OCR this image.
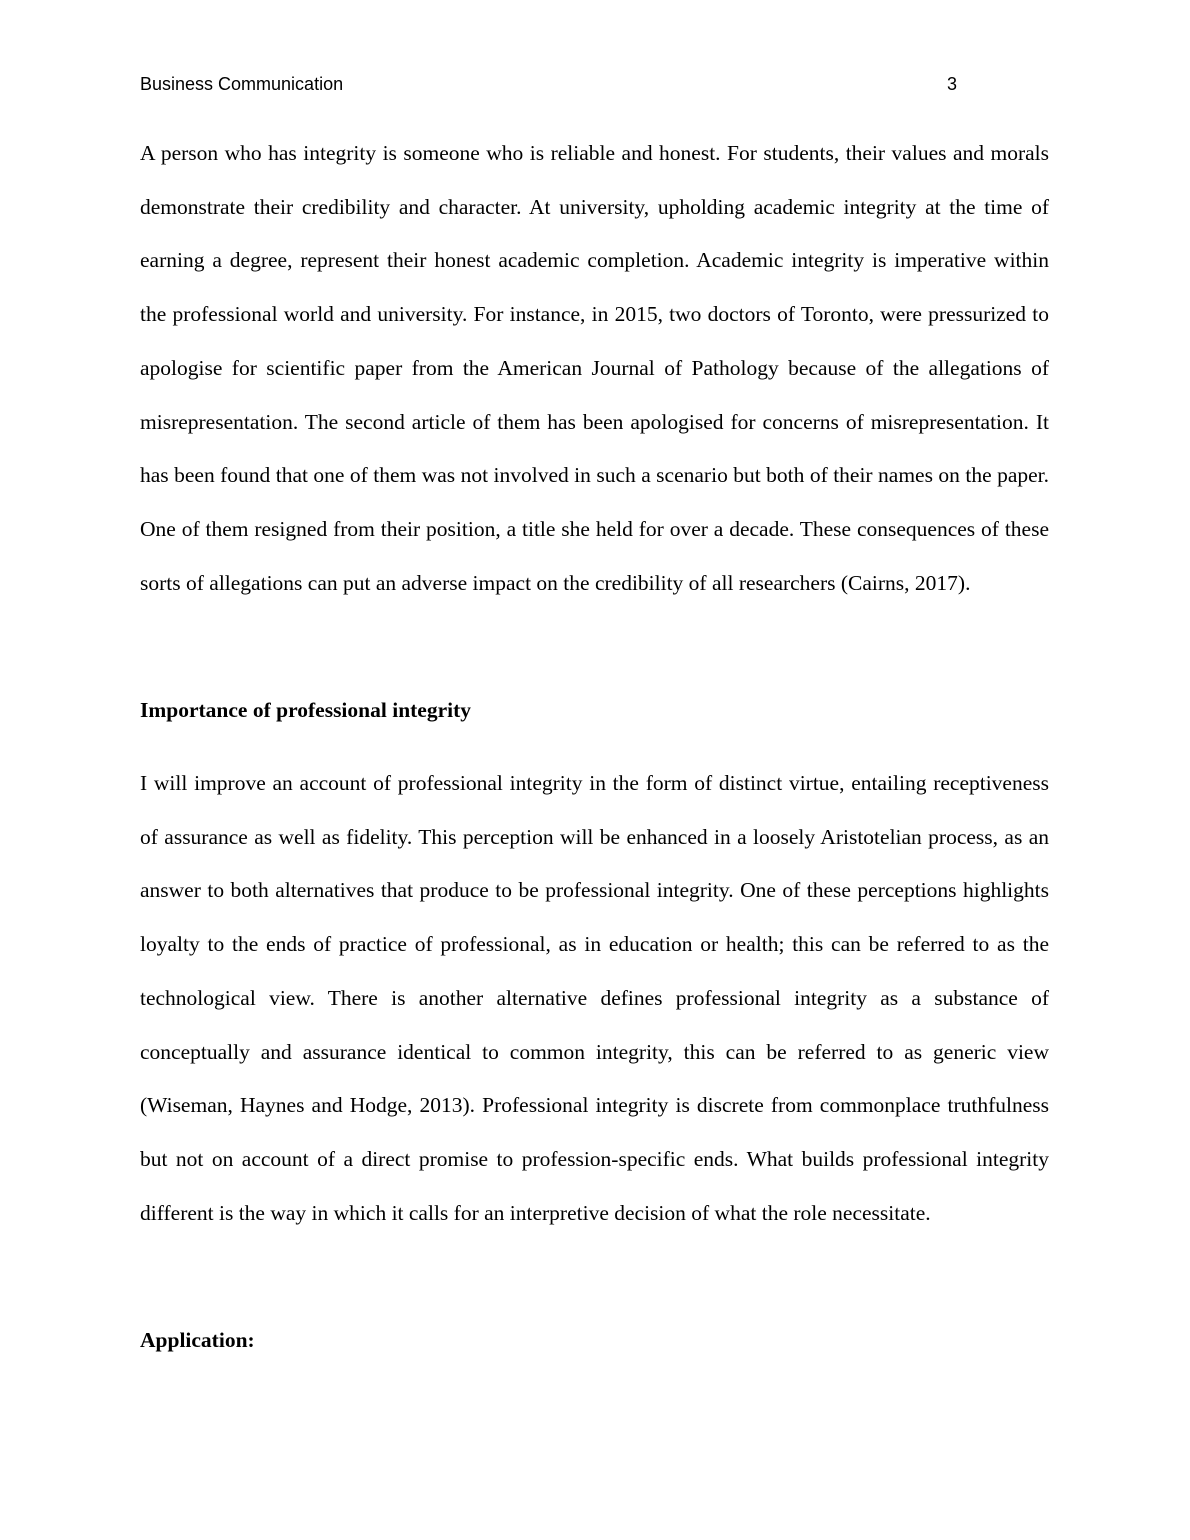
Business Communication	3

A person who has integrity is someone who is reliable and honest. For students, their values and morals demonstrate their credibility and character. At university, upholding academic integrity at the time of earning a degree, represent their honest academic completion. Academic integrity is imperative within the professional world and university. For instance, in 2015, two doctors of Toronto, were pressurized to apologise for scientific paper from the American Journal of Pathology because of the allegations of misrepresentation. The second article of them has been apologised for concerns of misrepresentation. It has been found that one of them was not involved in such a scenario but both of their names on the paper. One of them resigned from their position, a title she held for over a decade. These consequences of these sorts of allegations can put an adverse impact on the credibility of all researchers (Cairns, 2017).

Importance of professional integrity

I will improve an account of professional integrity in the form of distinct virtue, entailing receptiveness of assurance as well as fidelity. This perception will be enhanced in a loosely Aristotelian process, as an answer to both alternatives that produce to be professional integrity. One of these perceptions highlights loyalty to the ends of practice of professional, as in education or health; this can be referred to as the technological view. There is another alternative defines professional integrity as a substance of conceptually and assurance identical to common integrity, this can be referred to as generic view (Wiseman, Haynes and Hodge, 2013). Professional integrity is discrete from commonplace truthfulness but not on account of a direct promise to profession-specific ends. What builds professional integrity different is the way in which it calls for an interpretive decision of what the role necessitate.

Application:
